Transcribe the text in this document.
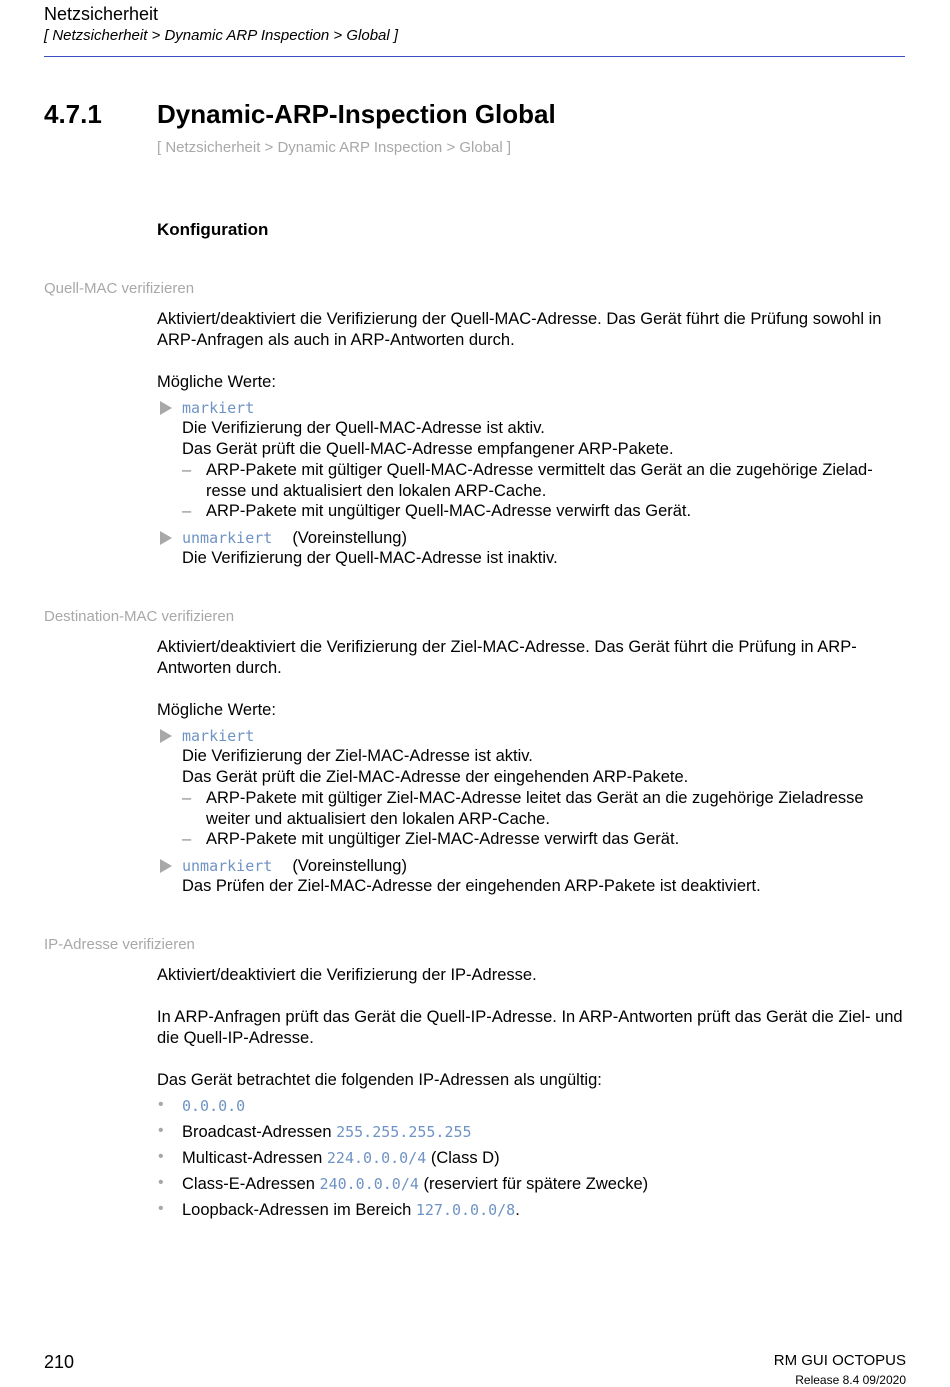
Netzsicherheit
[ Netzsicherheit > Dynamic ARP Inspection > Global ]
4.7.1 Dynamic-ARP-Inspection Global
[ Netzsicherheit > Dynamic ARP Inspection > Global ]
Konfiguration
Quell-MAC verifizieren
Aktiviert/deaktiviert die Verifizierung der Quell-MAC-Adresse. Das Gerät führt die Prüfung sowohl in ARP-Anfragen als auch in ARP-Antworten durch.
Mögliche Werte:
markiert
Die Verifizierung der Quell-MAC-Adresse ist aktiv.
Das Gerät prüft die Quell-MAC-Adresse empfangener ARP-Pakete.
– ARP-Pakete mit gültiger Quell-MAC-Adresse vermittelt das Gerät an die zugehörige Zielad-resse und aktualisiert den lokalen ARP-Cache.
– ARP-Pakete mit ungültiger Quell-MAC-Adresse verwirft das Gerät.
unmarkiert (Voreinstellung)
Die Verifizierung der Quell-MAC-Adresse ist inaktiv.
Destination-MAC verifizieren
Aktiviert/deaktiviert die Verifizierung der Ziel-MAC-Adresse. Das Gerät führt die Prüfung in ARP-Antworten durch.
Mögliche Werte:
markiert
Die Verifizierung der Ziel-MAC-Adresse ist aktiv.
Das Gerät prüft die Ziel-MAC-Adresse der eingehenden ARP-Pakete.
– ARP-Pakete mit gültiger Ziel-MAC-Adresse leitet das Gerät an die zugehörige Zieladresse weiter und aktualisiert den lokalen ARP-Cache.
– ARP-Pakete mit ungültiger Ziel-MAC-Adresse verwirft das Gerät.
unmarkiert (Voreinstellung)
Das Prüfen der Ziel-MAC-Adresse der eingehenden ARP-Pakete ist deaktiviert.
IP-Adresse verifizieren
Aktiviert/deaktiviert die Verifizierung der IP-Adresse.
In ARP-Anfragen prüft das Gerät die Quell-IP-Adresse. In ARP-Antworten prüft das Gerät die Ziel- und die Quell-IP-Adresse.
Das Gerät betrachtet die folgenden IP-Adressen als ungültig:
• 0.0.0.0
• Broadcast-Adressen 255.255.255.255
• Multicast-Adressen 224.0.0.0/4 (Class D)
• Class-E-Adressen 240.0.0.0/4 (reserviert für spätere Zwecke)
• Loopback-Adressen im Bereich 127.0.0.0/8.
210	RM GUI OCTOPUS
Release 8.4 09/2020
